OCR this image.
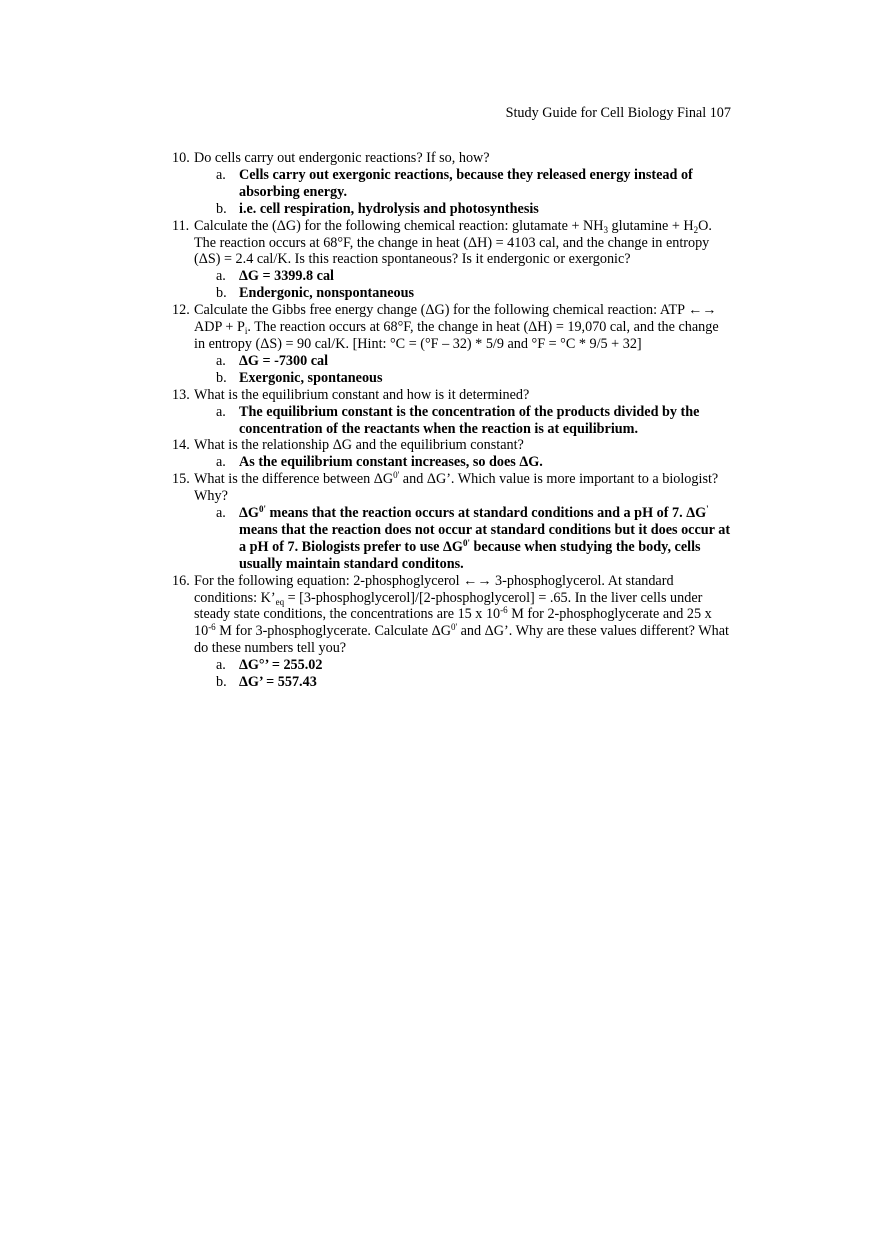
Study Guide for Cell Biology Final 107
10. Do cells carry out endergonic reactions? If so, how?
a. Cells carry out exergonic reactions, because they released energy instead of absorbing energy.
b. i.e. cell respiration, hydrolysis and photosynthesis
11. Calculate the (ΔG) for the following chemical reaction: glutamate + $NH_3$ glutamine + $H_2O$. The reaction occurs at 68°F, the change in heat (ΔH) = 4103 cal, and the change in entropy (ΔS) = 2.4 cal/K. Is this reaction spontaneous? Is it endergonic or exergonic?
a. ΔG = 3399.8 cal
b. Endergonic, nonspontaneous
12. Calculate the Gibbs free energy change (ΔG) for the following chemical reaction: ATP ←→ ADP + $P_i$. The reaction occurs at 68°F, the change in heat (ΔH) = 19,070 cal, and the change in entropy (ΔS) = 90 cal/K. [Hint: °C = (°F – 32) * 5/9 and °F = °C * 9/5 + 32]
a. ΔG = -7300 cal
b. Exergonic, spontaneous
13. What is the equilibrium constant and how is it determined?
a. The equilibrium constant is the concentration of the products divided by the concentration of the reactants when the reaction is at equilibrium.
14. What is the relationship ΔG and the equilibrium constant?
a. As the equilibrium constant increases, so does ΔG.
15. What is the difference between $\Delta G^{0'}$ and ΔG’. Which value is more important to a biologist? Why?
a. $\Delta G^{0'}$ means that the reaction occurs at standard conditions and a pH of 7. ΔG' means that the reaction does not occur at standard conditions but it does occur at a pH of 7. Biologists prefer to use $\Delta G^{0'}$ because when studying the body, cells usually maintain standard conditons.
16. For the following equation: 2-phosphoglycerol ←→ 3-phosphoglycerol. At standard conditions: $K’_{eq}$ = [3-phosphoglycerol]/[2-phosphoglycerol] = .65. In the liver cells under steady state conditions, the concentrations are 15 x $10^{-6}$ M for 2-phosphoglycerate and 25 x $10^{-6}$ M for 3-phosphoglycerate. Calculate $\Delta G^{0'}$ and ΔG’. Why are these values different? What do these numbers tell you?
a. ΔG°’ = 255.02
b. ΔG’ = 557.43
